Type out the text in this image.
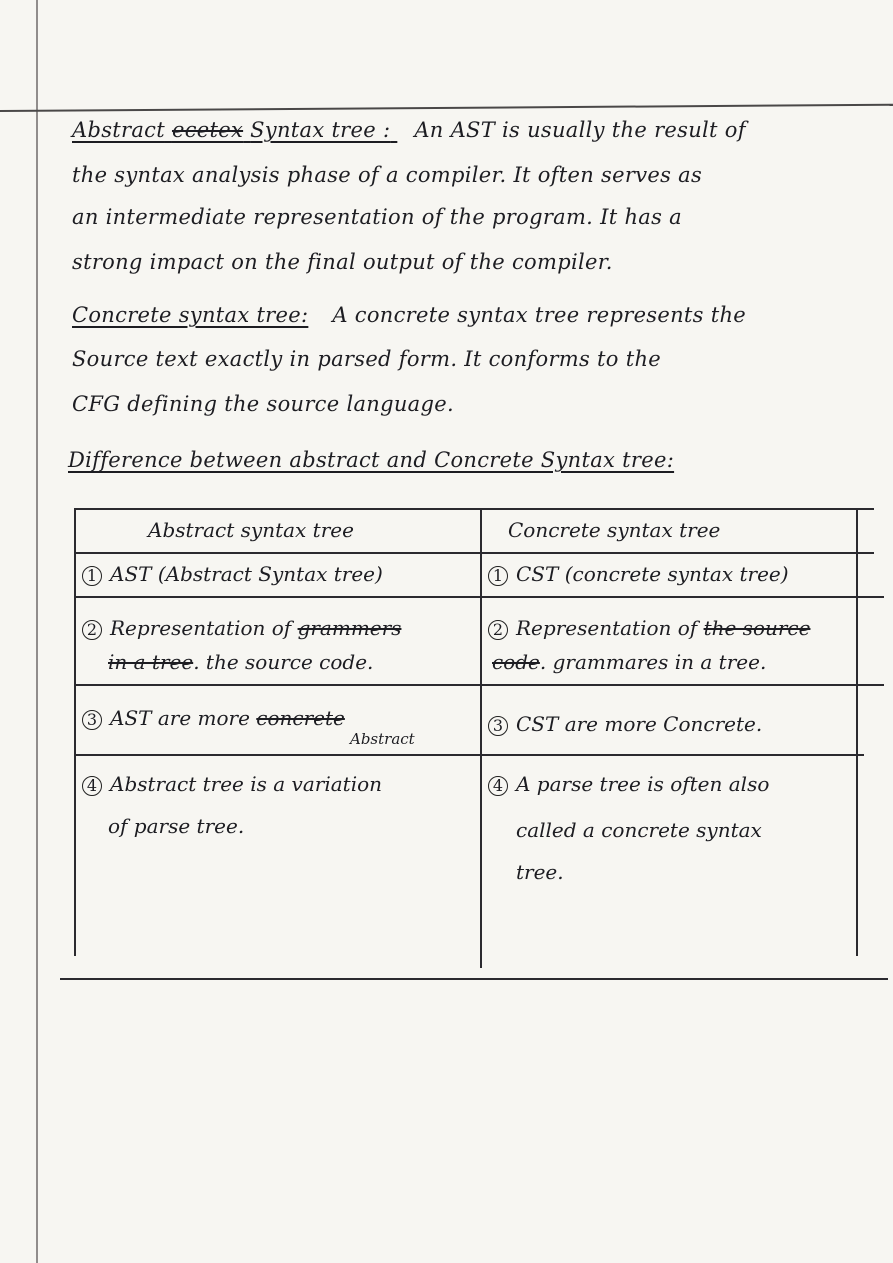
Abstract ecetex Syntax tree : An AST is usually the result of
the syntax analysis phase of a compiler. It often serves as
an intermediate representation of the program. It has a
strong impact on the final output of the compiler.
Concrete syntax tree: A concrete syntax tree represents the
Source text exactly in parsed form. It conforms to the
CFG defining the source language.
Difference between abstract and Concrete Syntax tree:
Abstract syntax tree	Concrete syntax tree
1 AST (Abstract Syntax tree)	1 CST (concrete syntax tree)
2 Representation of grammers
in a tree. the source code.
2 Representation of the source
code. grammares in a tree.
3 AST are more concrete
Abstract
3 CST are more Concrete.
4 Abstract tree is a variation
of parse tree.
4 A parse tree is often also
called a concrete syntax
tree.
